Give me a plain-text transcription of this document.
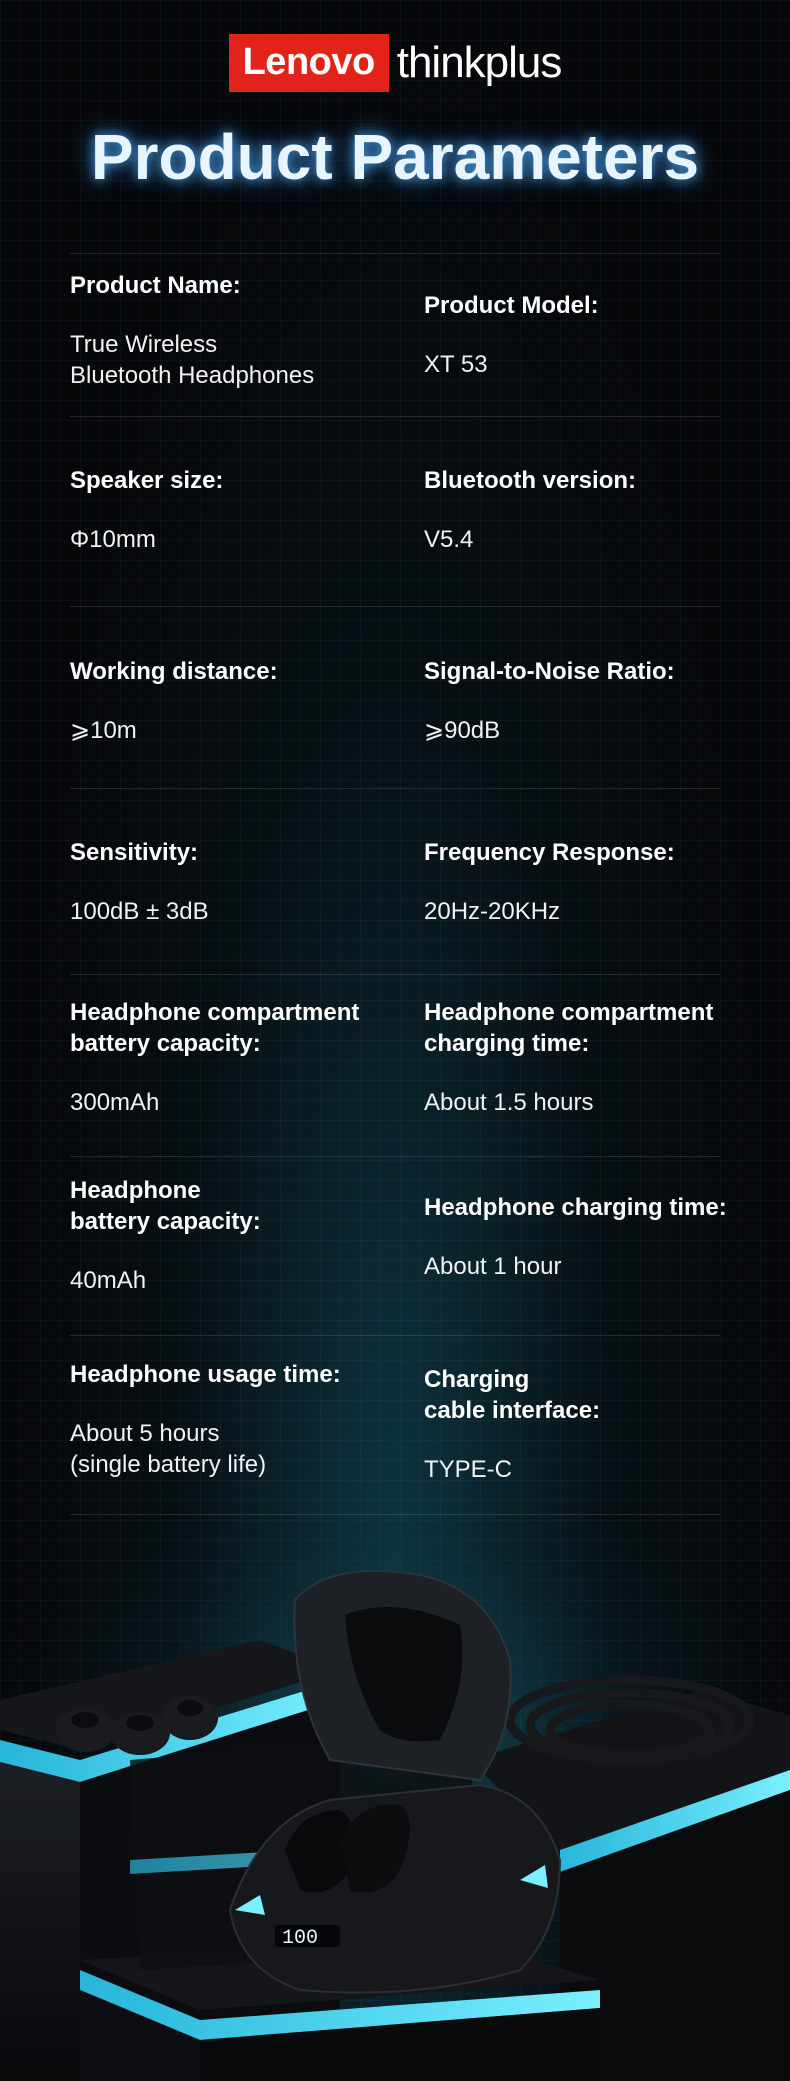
Lenovo thinkplus
Product Parameters
Product Name:
True Wireless
Bluetooth Headphones
Product Model:
XT 53
Speaker size:
Φ10mm
Bluetooth version:
V5.4
Working distance:
⩾10m
Signal-to-Noise Ratio:
⩾90dB
Sensitivity:
100dB ± 3dB
Frequency Response:
20Hz-20KHz
Headphone compartment
battery capacity:
300mAh
Headphone compartment
charging time:
About 1.5 hours
Headphone
battery capacity:
40mAh
Headphone charging time:
About 1 hour
Headphone usage time:
About 5 hours
(single battery life)
Charging
cable interface:
TYPE-C
100
